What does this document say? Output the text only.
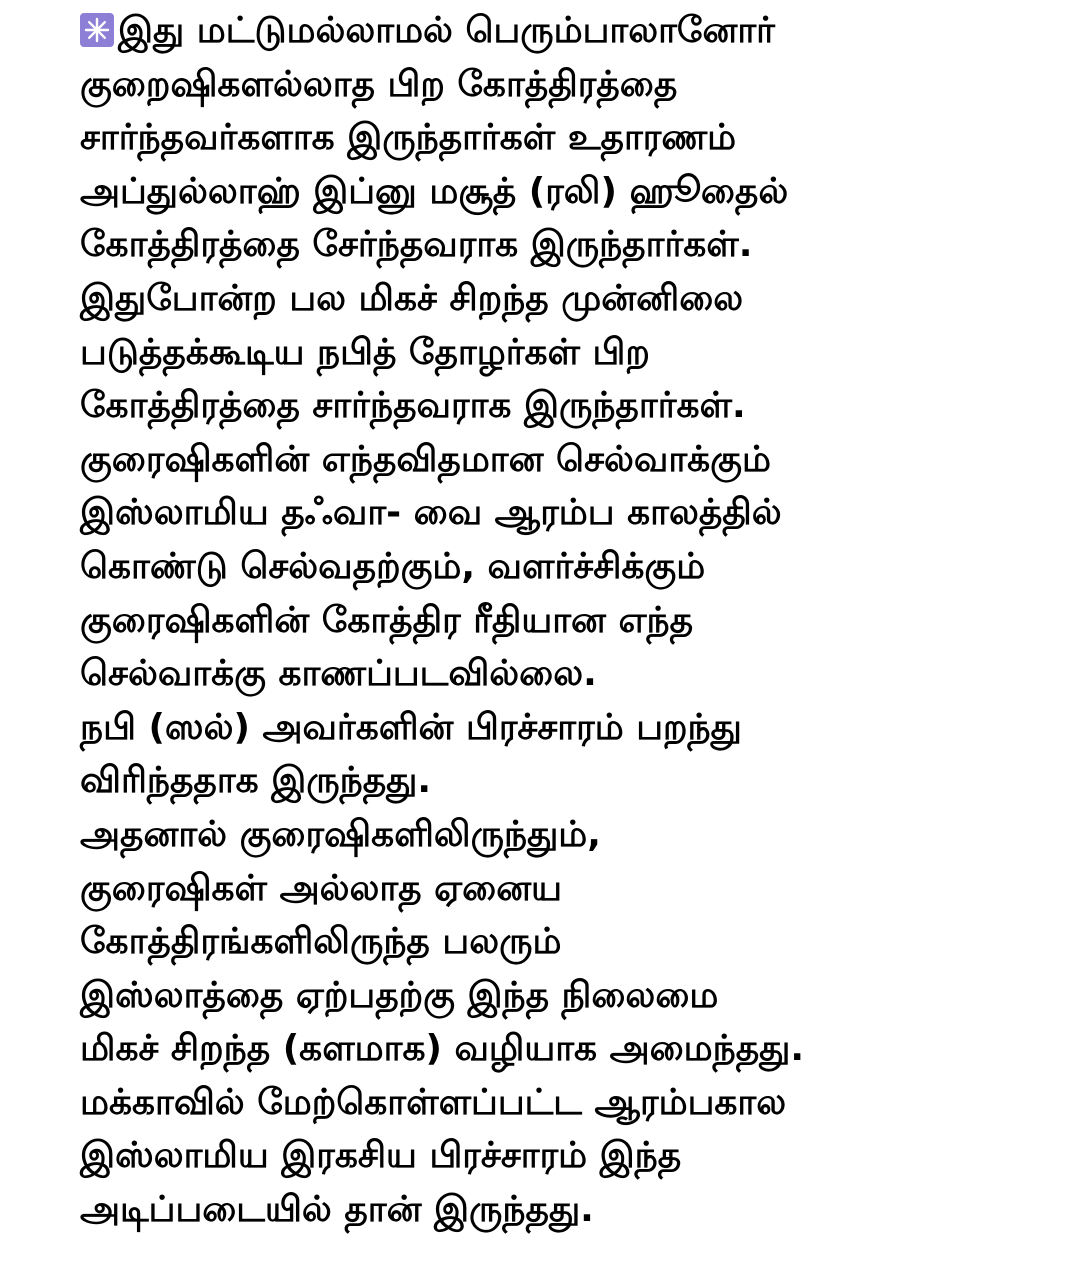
இது மட்டுமல்லாமல் பெரும்பாலானோர்
குறைஷிகளல்லாத பிற கோத்திரத்தை
சார்ந்தவர்களாக இருந்தார்கள் உதாரணம்
அப்துல்லாஹ் இப்னு மசூத் (ரலி) ஹூதைல்
கோத்திரத்தை சேர்ந்தவராக இருந்தார்கள்.
இதுபோன்ற பல மிகச் சிறந்த முன்னிலை
படுத்தக்கூடிய நபித் தோழர்கள் பிற
கோத்திரத்தை சார்ந்தவராக இருந்தார்கள்.
குரைஷிகளின் எந்தவிதமான செல்வாக்கும்
இஸ்லாமிய தஃவா- வை ஆரம்ப காலத்தில்
கொண்டு செல்வதற்கும், வளர்ச்சிக்கும்
குரைஷிகளின் கோத்திர ரீதியான எந்த
செல்வாக்கு காணப்படவில்லை.
நபி (ஸல்) அவர்களின் பிரச்சாரம் பறந்து
விரிந்ததாக இருந்தது.
அதனால் குரைஷிகளிலிருந்தும்,
குரைஷிகள் அல்லாத ஏனைய
கோத்திரங்களிலிருந்த பலரும்
இஸ்லாத்தை ஏற்பதற்கு இந்த நிலைமை
மிகச் சிறந்த (களமாக) வழியாக அமைந்தது.
மக்காவில் மேற்கொள்ளப்பட்ட ஆரம்பகால
இஸ்லாமிய இரகசிய பிரச்சாரம் இந்த
அடிப்படையில் தான் இருந்தது.
